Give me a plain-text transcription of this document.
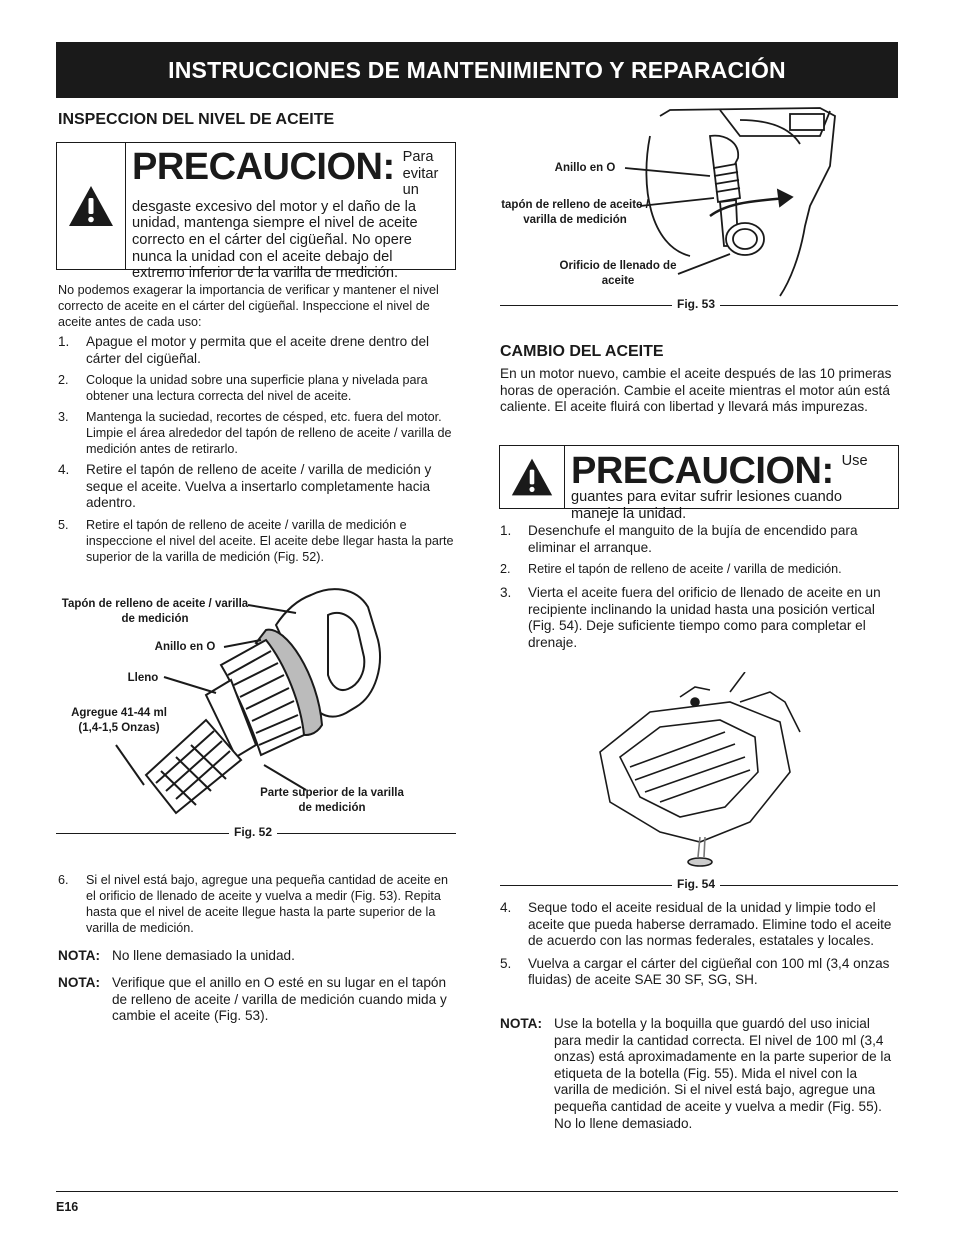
INSTRUCCIONES DE MANTENIMIENTO Y REPARACIÓN
INSPECCION DEL NIVEL DE ACEITE
PRECAUCION: Para evitar un desgaste excesivo del motor y el daño de la unidad, mantenga siempre el nivel de aceite correcto en el cárter del cigüeñal. No opere nunca la unidad con el aceite debajo del extremo inferior de la varilla de medición.
No podemos exagerar la importancia de verificar y mantener el nivel correcto de aceite en el cárter del cigüeñal. Inspeccione el nivel de aceite antes de cada uso:
1. Apague el motor y permita que el aceite drene dentro del cárter del cigüeñal.
2. Coloque la unidad sobre una superficie plana y nivelada para obtener una lectura correcta del nivel de aceite.
3. Mantenga la suciedad, recortes de césped, etc. fuera del motor. Limpie el área alrededor del tapón de relleno de aceite / varilla de medición antes de retirarlo.
4. Retire el tapón de relleno de aceite / varilla de medición y seque el aceite. Vuelva a insertarlo completamente hacia adentro.
5. Retire el tapón de relleno de aceite / varilla de medición e inspeccione el nivel del aceite. El aceite debe llegar hasta la parte superior de la varilla de medición (Fig. 52).
Tapón de relleno de aceite / varilla de medición
Anillo en O
Lleno
Agregue 41-44 ml (1,4-1,5 Onzas)
Parte superior de la varilla de medición
Fig. 52
6. Si el nivel está bajo, agregue una pequeña cantidad de aceite en el orificio de llenado de aceite y vuelva a medir (Fig. 53). Repita hasta que el nivel de aceite llegue hasta la parte superior de la varilla de medición.
NOTA: No llene demasiado la unidad.
NOTA: Verifique que el anillo en O esté en su lugar en el tapón de relleno de aceite / varilla de medición cuando mida y cambie el aceite (Fig. 53).
Anillo en O
tapón de relleno de aceite / varilla de medición
Orificio de llenado de aceite
Fig. 53
CAMBIO DEL ACEITE
En un motor nuevo, cambie el aceite después de las 10 primeras horas de operación. Cambie el aceite mientras el motor aún está caliente. El aceite fluirá con libertad y llevará más impurezas.
PRECAUCION: Use guantes para evitar sufrir lesiones cuando maneje la unidad.
1. Desenchufe el manguito de la bujía de encendido para eliminar el arranque.
2. Retire el tapón de relleno de aceite / varilla de medición.
3. Vierta el aceite fuera del orificio de llenado de aceite en un recipiente inclinando la unidad hasta una posición vertical (Fig. 54). Deje suficiente tiempo como para completar el drenaje.
Fig. 54
4. Seque todo el aceite residual de la unidad y limpie todo el aceite que pueda haberse derramado. Elimine todo el aceite de acuerdo con las normas federales, estatales y locales.
5. Vuelva a cargar el cárter del cigüeñal con 100 ml (3,4 onzas fluidas) de aceite SAE 30 SF, SG, SH.
NOTA: Use la botella y la boquilla que guardó del uso inicial para medir la cantidad correcta. El nivel de 100 ml (3,4 onzas) está aproximadamente en la parte superior de la etiqueta de la botella (Fig. 55). Mida el nivel con la varilla de medición. Si el nivel está bajo, agregue una pequeña cantidad de aceite y vuelva a medir (Fig. 55). No lo llene demasiado.
E16
